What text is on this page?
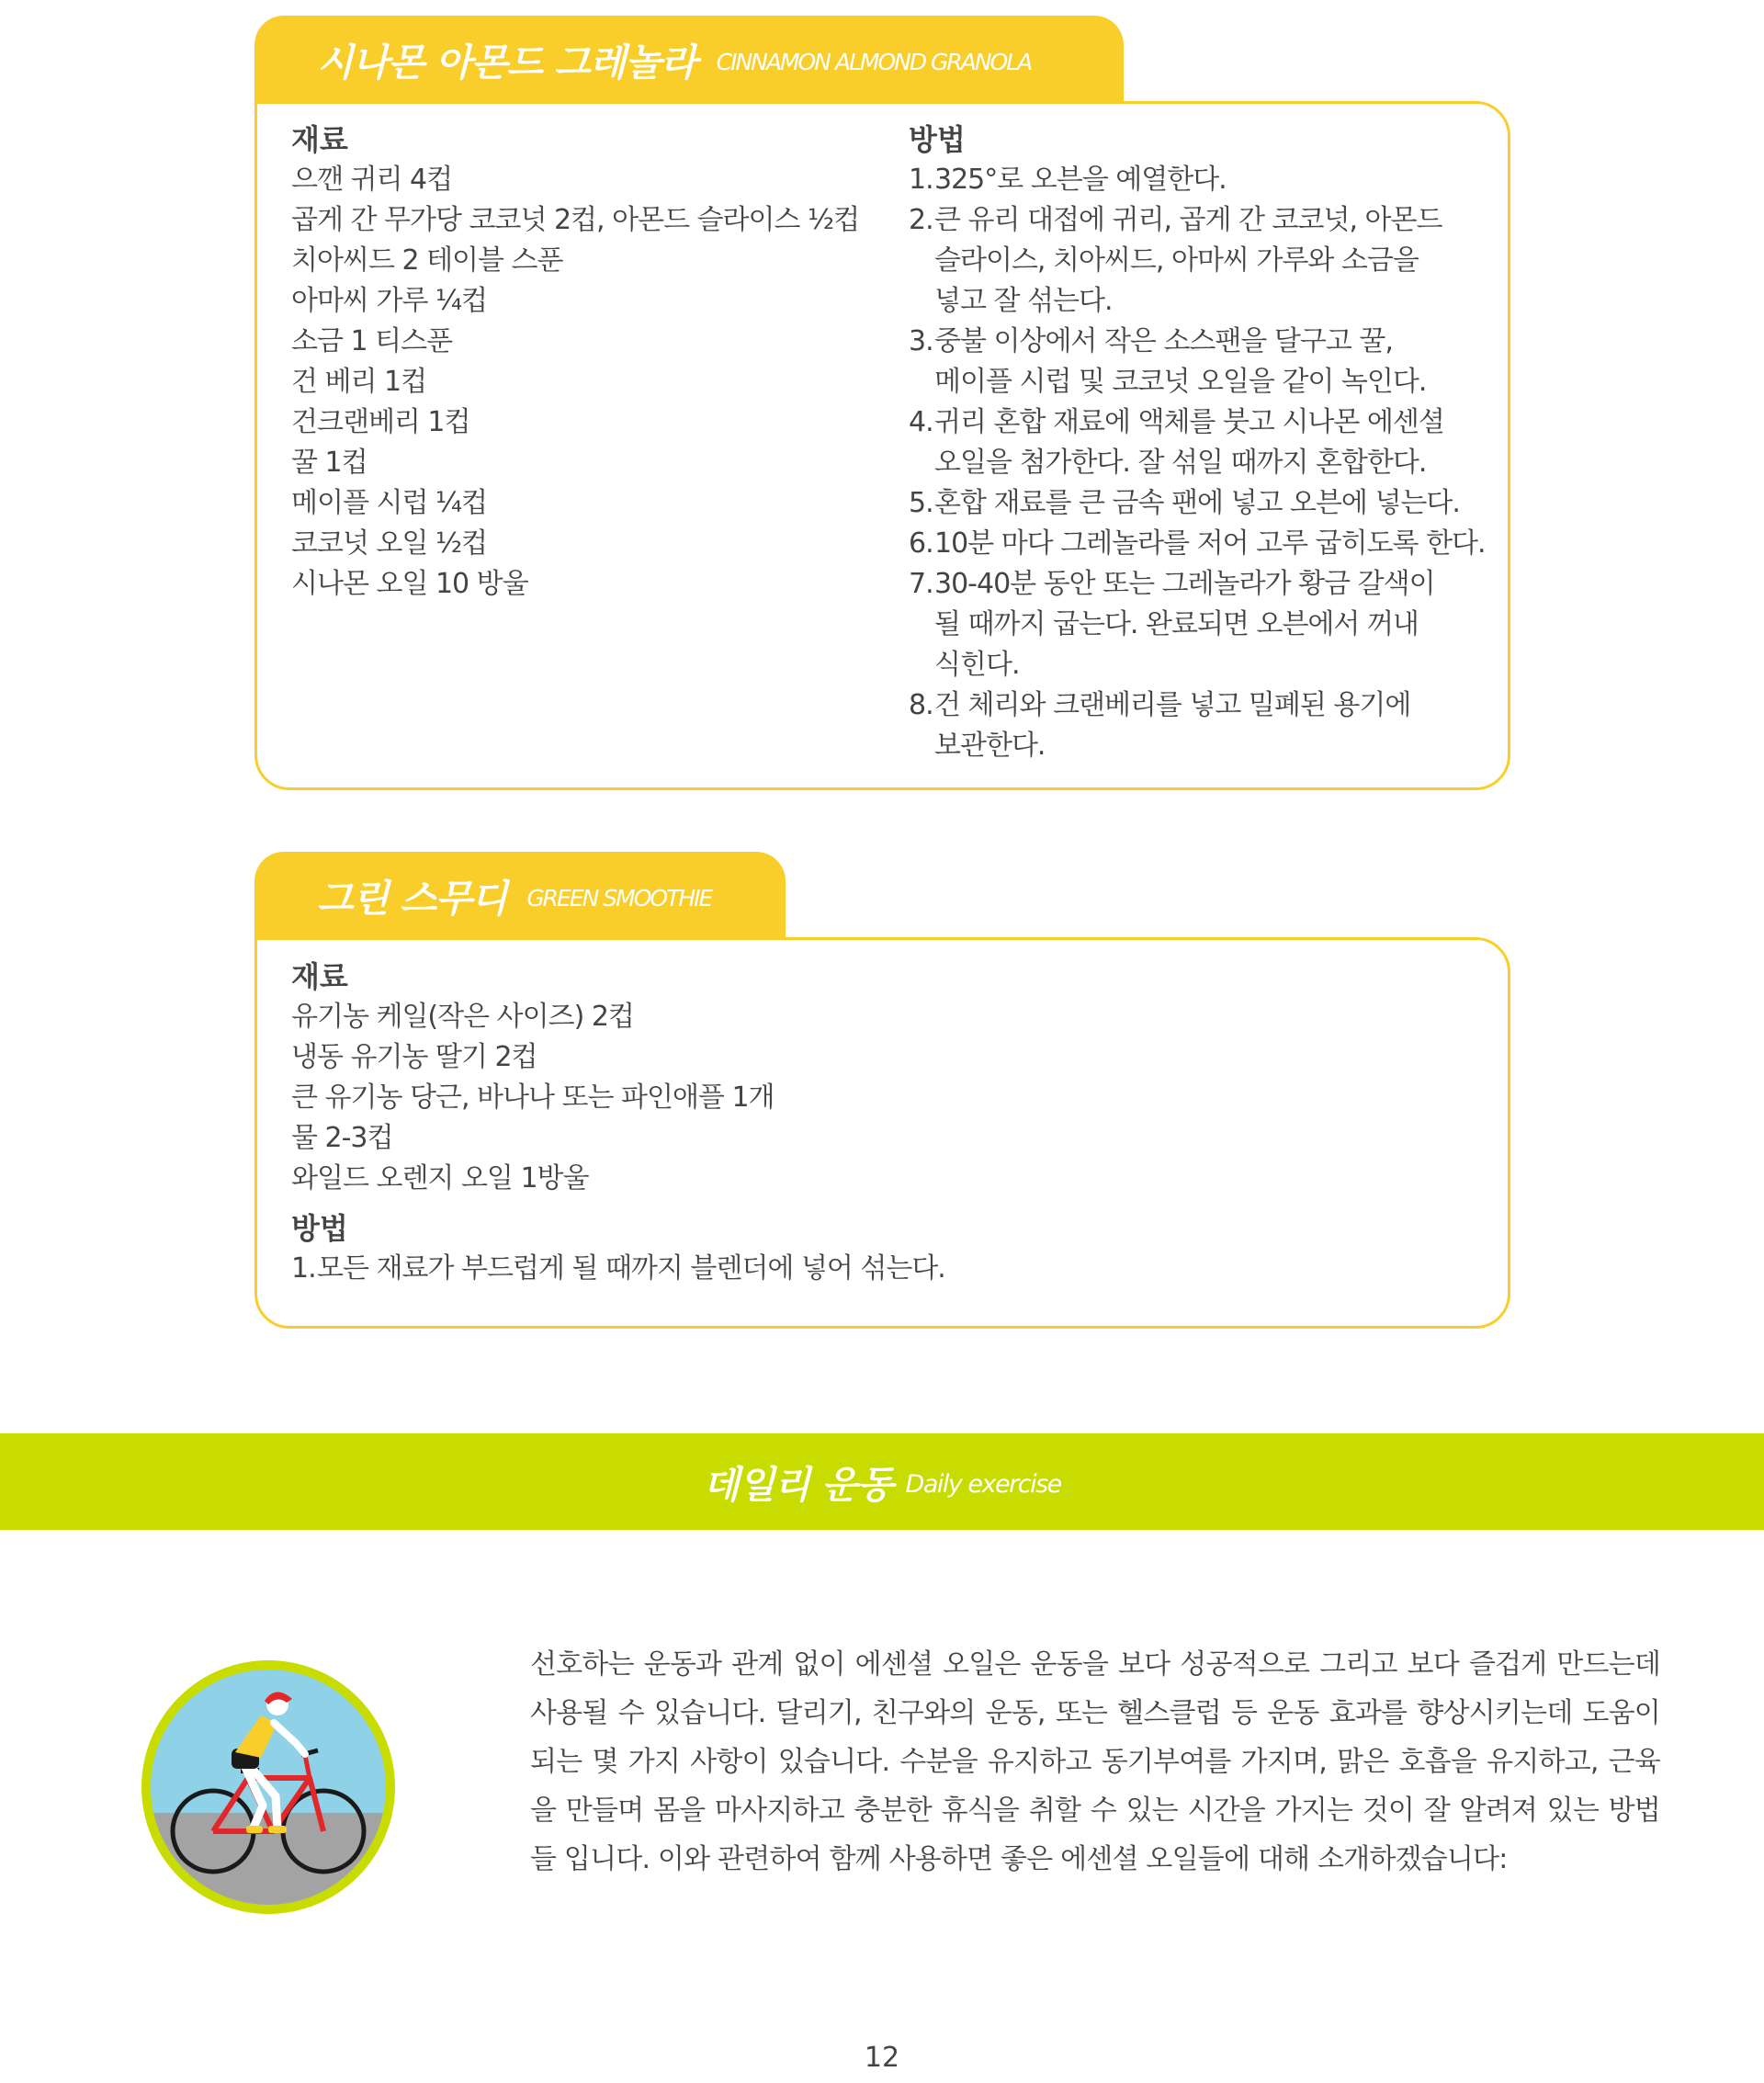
시나몬 아몬드 그레놀라 CINNAMON ALMOND GRANOLA
재료
으깬 귀리 4컵
곱게 간 무가당 코코넛 2컵, 아몬드 슬라이스 ½컵
치아씨드 2 테이블 스푼
아마씨 가루 ¼컵
소금 1 티스푼
건 베리 1컵
건크랜베리 1컵
꿀 1컵
메이플 시럽 ¼컵
코코넛 오일 ½컵
시나몬 오일 10 방울
방법
1. 325°로 오븐을 예열한다.
2. 큰 유리 대접에 귀리, 곱게 간 코코넛, 아몬드
슬라이스, 치아씨드, 아마씨 가루와 소금을
넣고 잘 섞는다.
3. 중불 이상에서 작은 소스팬을 달구고 꿀,
메이플 시럽 및 코코넛 오일을 같이 녹인다.
4. 귀리 혼합 재료에 액체를 붓고 시나몬 에센셜
오일을 첨가한다. 잘 섞일 때까지 혼합한다.
5. 혼합 재료를 큰 금속 팬에 넣고 오븐에 넣는다.
6. 10분 마다 그레놀라를 저어 고루 굽히도록 한다.
7. 30-40분 동안 또는 그레놀라가 황금 갈색이
될 때까지 굽는다. 완료되면 오븐에서 꺼내
식힌다.
8. 건 체리와 크랜베리를 넣고 밀폐된 용기에
보관한다.
그린 스무디 GREEN SMOOTHIE
재료
유기농 케일(작은 사이즈) 2컵
냉동 유기농 딸기 2컵
큰 유기농 당근, 바나나 또는 파인애플 1개
물 2-3컵
와일드 오렌지 오일 1방울
방법
1. 모든 재료가 부드럽게 될 때까지 블렌더에 넣어 섞는다.
데일리 운동 Daily exercise
선호하는 운동과 관계 없이 에센셜 오일은 운동을 보다 성공적으로 그리고 보다 즐겁게 만드는데 사용될 수 있습니다. 달리기, 친구와의 운동, 또는 헬스클럽 등 운동 효과를 향상시키는데 도움이 되는 몇 가지 사항이 있습니다. 수분을 유지하고 동기부여를 가지며, 맑은 호흡을 유지하고, 근육을 만들며 몸을 마사지하고 충분한 휴식을 취할 수 있는 시간을 가지는 것이 잘 알려져 있는 방법들 입니다. 이와 관련하여 함께 사용하면 좋은 에센셜 오일들에 대해 소개하겠습니다:
12
